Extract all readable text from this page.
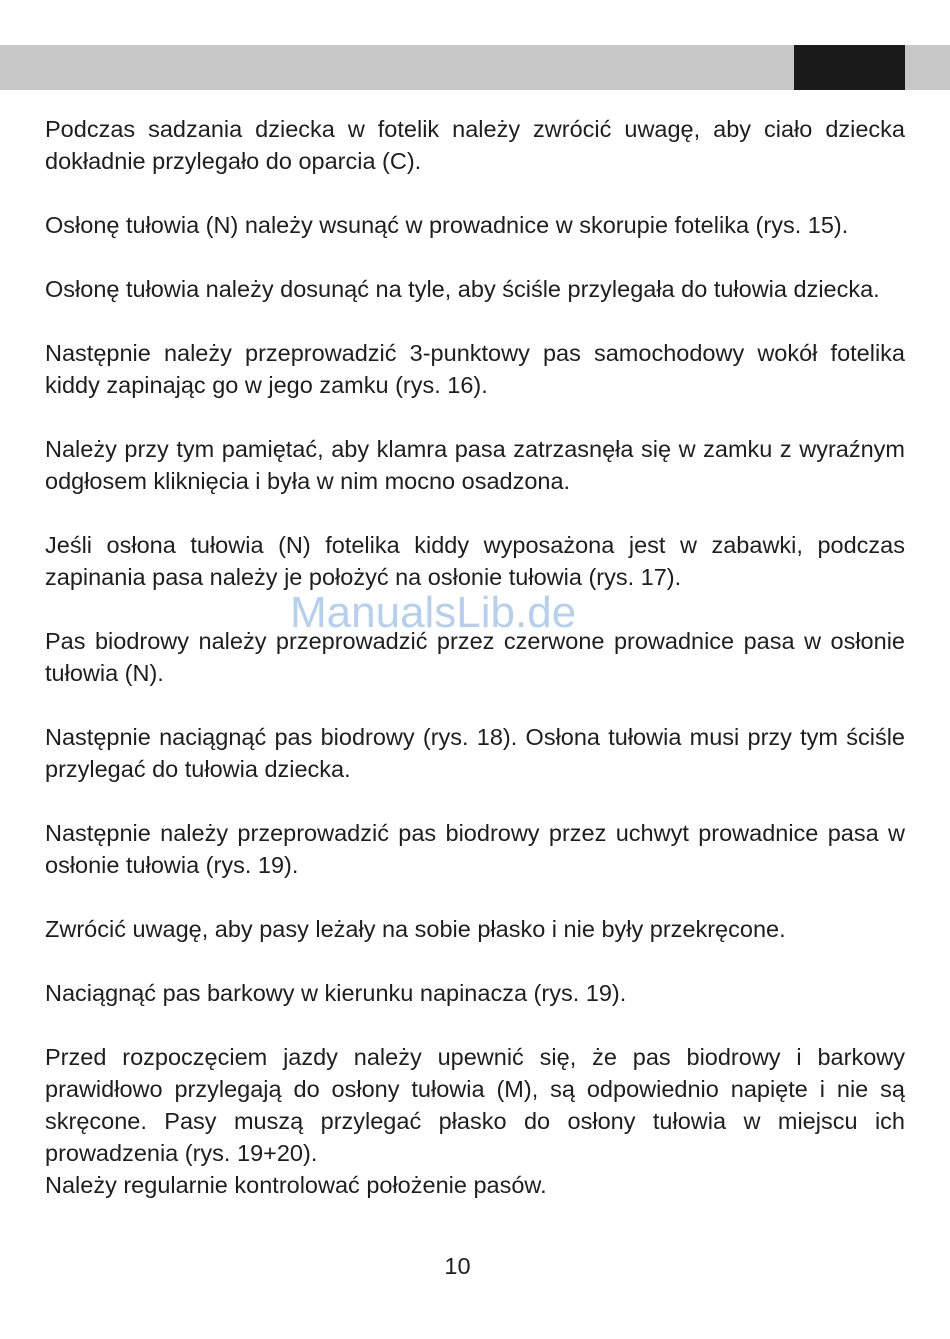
Podczas sadzania dziecka w fotelik należy zwrócić uwagę, aby ciało dziecka dokładnie przylegało do oparcia (C).

Osłonę tułowia (N) należy wsunąć w prowadnice w skorupie fotelika (rys. 15).

Osłonę tułowia należy dosunąć na tyle, aby ściśle przylegała do tułowia dziecka.

Następnie należy przeprowadzić 3-punktowy pas samochodowy wokół fotelika kiddy zapinając go w jego zamku (rys. 16).

Należy przy tym pamiętać, aby klamra pasa zatrzasnęła się w zamku z wyraźnym odgłosem kliknięcia i była w nim mocno osadzona.

Jeśli osłona tułowia (N) fotelika kiddy wyposażona jest w zabawki, podczas zapinania pasa należy je położyć na osłonie tułowia (rys. 17).

Pas biodrowy należy przeprowadzić przez czerwone prowadnice pasa w osłonie tułowia (N).

Następnie naciągnąć pas biodrowy (rys. 18). Osłona tułowia musi przy tym ściśle przylegać do tułowia dziecka.

Następnie należy przeprowadzić pas biodrowy przez uchwyt prowadnice pasa w osłonie tułowia (rys. 19).

Zwrócić uwagę, aby pasy leżały na sobie płasko i nie były przekręcone.

Naciągnąć pas barkowy w kierunku napinacza (rys. 19).

Przed rozpoczęciem jazdy należy upewnić się, że pas biodrowy i barkowy prawidłowo przylegają do osłony tułowia (M), są odpowiednio napięte i nie są skręcone. Pasy muszą przylegać płasko do osłony tułowia w miejscu ich prowadzenia (rys. 19+20).

Należy regularnie kontrolować położenie pasów.

ManualsLib.de
10
